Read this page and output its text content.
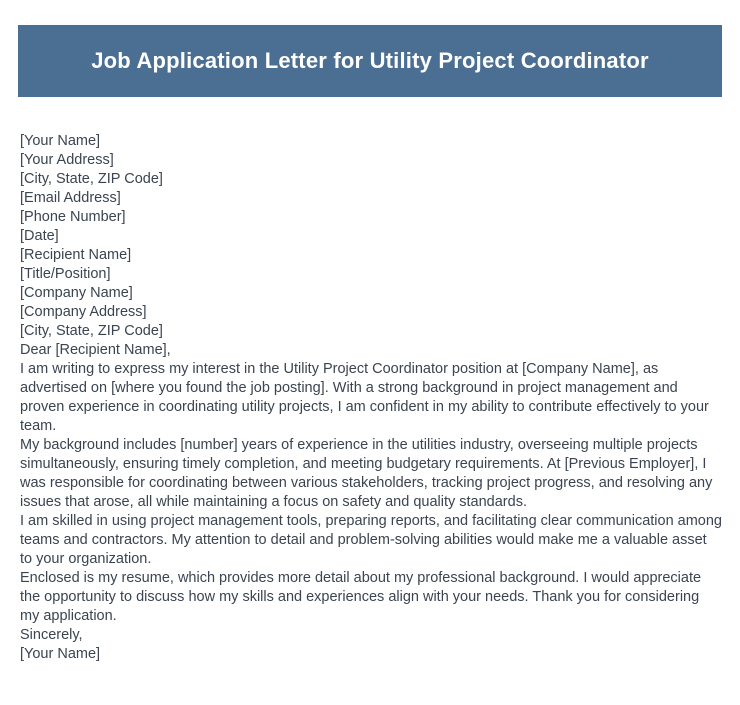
Job Application Letter for Utility Project Coordinator

[Your Name]

[Your Address]

[City, State, ZIP Code]

[Email Address]

[Phone Number]

[Date]

[Recipient Name]

[Title/Position]

[Company Name]

[Company Address]

[City, State, ZIP Code]

Dear [Recipient Name],

I am writing to express my interest in the Utility Project Coordinator position at [Company Name], as advertised on [where you found the job posting]. With a strong background in project management and proven experience in coordinating utility projects, I am confident in my ability to contribute effectively to your team.

My background includes [number] years of experience in the utilities industry, overseeing multiple projects simultaneously, ensuring timely completion, and meeting budgetary requirements. At [Previous Employer], I was responsible for coordinating between various stakeholders, tracking project progress, and resolving any issues that arose, all while maintaining a focus on safety and quality standards.

I am skilled in using project management tools, preparing reports, and facilitating clear communication among teams and contractors. My attention to detail and problem-solving abilities would make me a valuable asset to your organization.

Enclosed is my resume, which provides more detail about my professional background. I would appreciate the opportunity to discuss how my skills and experiences align with your needs. Thank you for considering my application.

Sincerely,

[Your Name]
